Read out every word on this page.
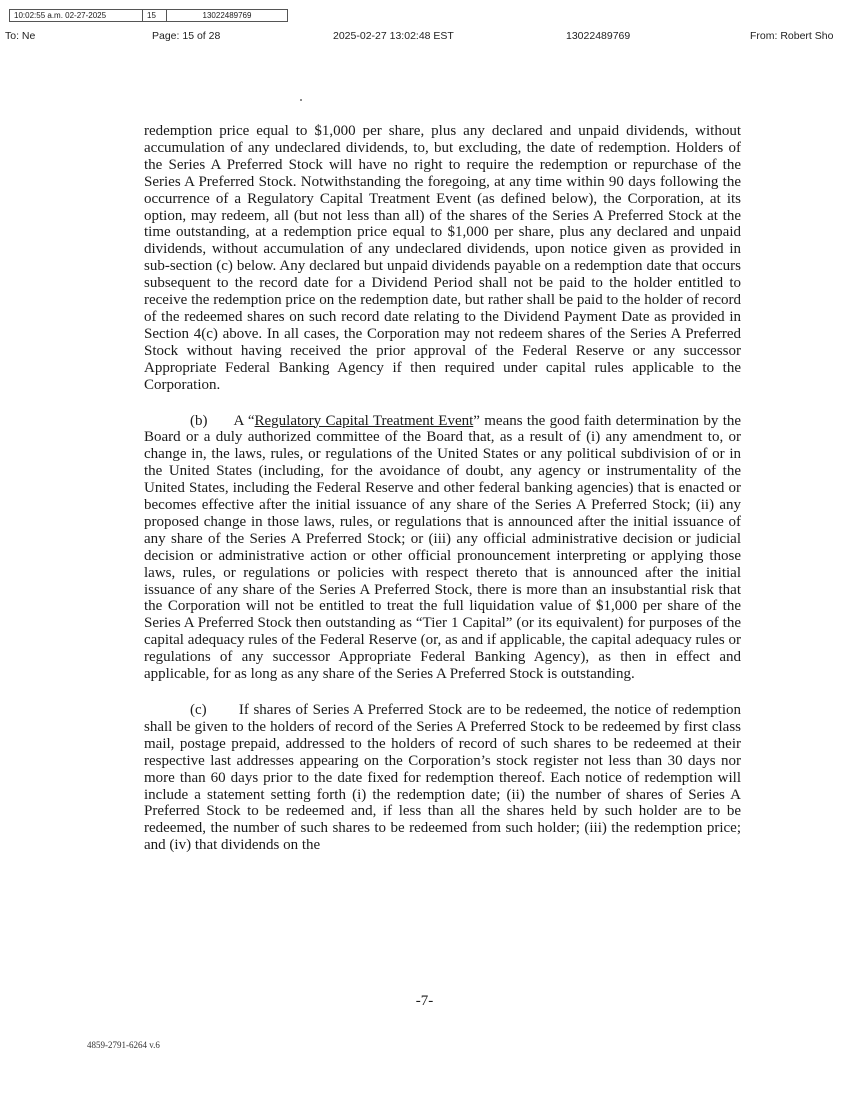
10:02:55 a.m. 02-27-2025	15	13022489769
To: Ne	Page: 15 of 28	2025-02-27 13:02:48 EST	13022489769	From: Robert Sho

redemption price equal to $1,000 per share, plus any declared and unpaid dividends, without accumulation of any undeclared dividends, to, but excluding, the date of redemption. Holders of the Series A Preferred Stock will have no right to require the redemption or repurchase of the Series A Preferred Stock. Notwithstanding the foregoing, at any time within 90 days following the occurrence of a Regulatory Capital Treatment Event (as defined below), the Corporation, at its option, may redeem, all (but not less than all) of the shares of the Series A Preferred Stock at the time outstanding, at a redemption price equal to $1,000 per share, plus any declared and unpaid dividends, without accumulation of any undeclared dividends, upon notice given as provided in sub-section (c) below. Any declared but unpaid dividends payable on a redemption date that occurs subsequent to the record date for a Dividend Period shall not be paid to the holder entitled to receive the redemption price on the redemption date, but rather shall be paid to the holder of record of the redeemed shares on such record date relating to the Dividend Payment Date as provided in Section 4(c) above. In all cases, the Corporation may not redeem shares of the Series A Preferred Stock without having received the prior approval of the Federal Reserve or any successor Appropriate Federal Banking Agency if then required under capital rules applicable to the Corporation.

(b) A “Regulatory Capital Treatment Event” means the good faith determination by the Board or a duly authorized committee of the Board that, as a result of (i) any amendment to, or change in, the laws, rules, or regulations of the United States or any political subdivision of or in the United States (including, for the avoidance of doubt, any agency or instrumentality of the United States, including the Federal Reserve and other federal banking agencies) that is enacted or becomes effective after the initial issuance of any share of the Series A Preferred Stock; (ii) any proposed change in those laws, rules, or regulations that is announced after the initial issuance of any share of the Series A Preferred Stock; or (iii) any official administrative decision or judicial decision or administrative action or other official pronouncement interpreting or applying those laws, rules, or regulations or policies with respect thereto that is announced after the initial issuance of any share of the Series A Preferred Stock, there is more than an insubstantial risk that the Corporation will not be entitled to treat the full liquidation value of $1,000 per share of the Series A Preferred Stock then outstanding as “Tier 1 Capital” (or its equivalent) for purposes of the capital adequacy rules of the Federal Reserve (or, as and if applicable, the capital adequacy rules or regulations of any successor Appropriate Federal Banking Agency), as then in effect and applicable, for as long as any share of the Series A Preferred Stock is outstanding.

(c) If shares of Series A Preferred Stock are to be redeemed, the notice of redemption shall be given to the holders of record of the Series A Preferred Stock to be redeemed by first class mail, postage prepaid, addressed to the holders of record of such shares to be redeemed at their respective last addresses appearing on the Corporation’s stock register not less than 30 days nor more than 60 days prior to the date fixed for redemption thereof. Each notice of redemption will include a statement setting forth (i) the redemption date; (ii) the number of shares of Series A Preferred Stock to be redeemed and, if less than all the shares held by such holder are to be redeemed, the number of such shares to be redeemed from such holder; (iii) the redemption price; and (iv) that dividends on the

-7-
4859-2791-6264 v.6
